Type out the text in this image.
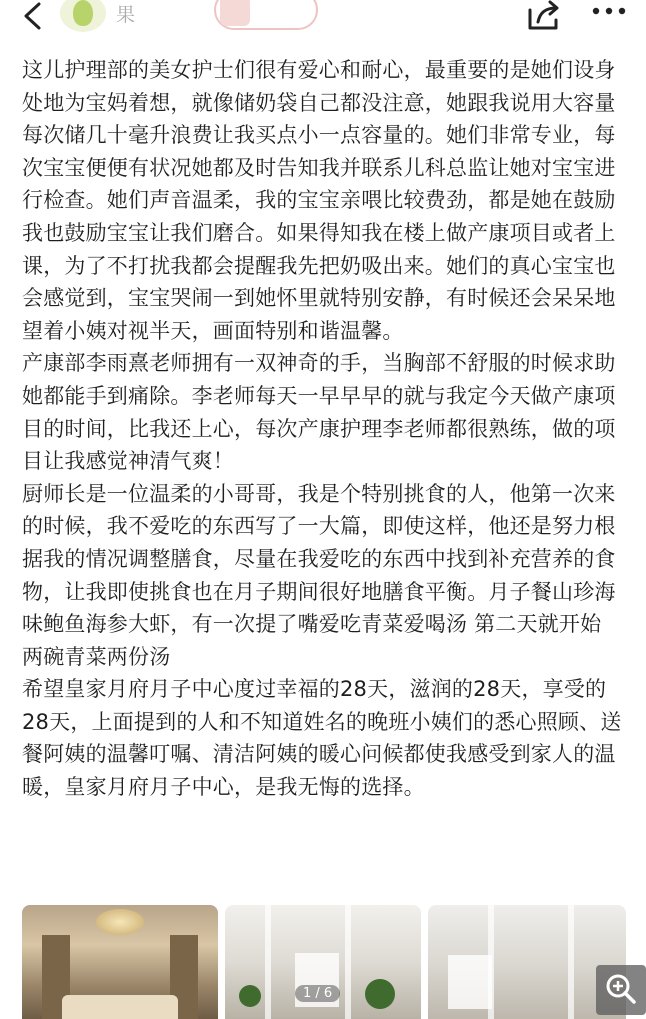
果

这儿护理部的美女护士们很有爱心和耐心，最重要的是她们设身处地为宝妈着想，就像储奶袋自己都没注意，她跟我说用大容量每次储几十毫升浪费让我买点小一点容量的。她们非常专业，每次宝宝便便有状况她都及时告知我并联系儿科总监让她对宝宝进行检查。她们声音温柔，我的宝宝亲喂比较费劲，都是她在鼓励我也鼓励宝宝让我们磨合。如果得知我在楼上做产康项目或者上课，为了不打扰我都会提醒我先把奶吸出来。她们的真心宝宝也会感觉到，宝宝哭闹一到她怀里就特别安静，有时候还会呆呆地望着小姨对视半天，画面特别和谐温馨。

产康部李雨熹老师拥有一双神奇的手，当胸部不舒服的时候求助她都能手到痛除。李老师每天一早早早的就与我定今天做产康项目的时间，比我还上心，每次产康护理李老师都很熟练，做的项目让我感觉神清气爽！

厨师长是一位温柔的小哥哥，我是个特别挑食的人，他第一次来的时候，我不爱吃的东西写了一大篇，即使这样，他还是努力根据我的情况调整膳食，尽量在我爱吃的东西中找到补充营养的食物，让我即使挑食也在月子期间很好地膳食平衡。月子餐山珍海味鲍鱼海参大虾，有一次提了嘴爱吃青菜爱喝汤 第二天就开始两碗青菜两份汤

希望皇家月府月子中心度过幸福的28天，滋润的28天，享受的28天，上面提到的人和不知道姓名的晚班小姨们的悉心照顾、送餐阿姨的温馨叮嘱、清洁阿姨的暖心问候都使我感受到家人的温暖，皇家月府月子中心，是我无悔的选择。

1 / 6
